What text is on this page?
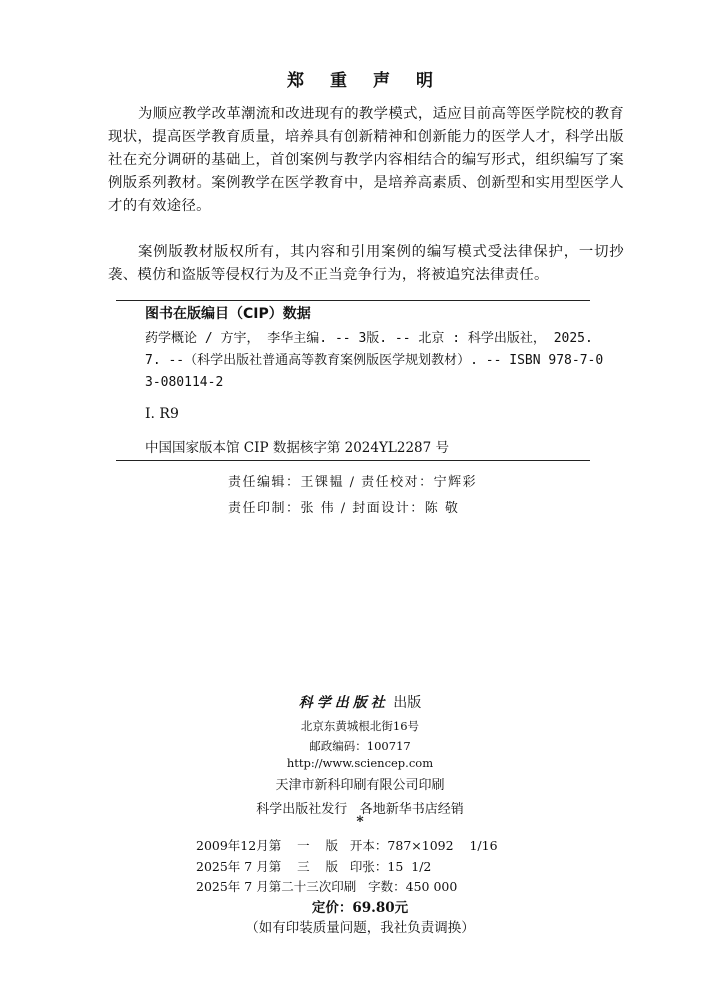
郑重声明

为顺应教学改革潮流和改进现有的教学模式，适应目前高等医学院校的教育现状，提高医学教育质量，培养具有创新精神和创新能力的医学人才，科学出版社在充分调研的基础上，首创案例与教学内容相结合的编写形式，组织编写了案例版系列教材。案例教学在医学教育中，是培养高素质、创新型和实用型医学人才的有效途径。

案例版教材版权所有，其内容和引用案例的编写模式受法律保护，一切抄袭、模仿和盗版等侵权行为及不正当竞争行为，将被追究法律责任。

图书在版编目（CIP）数据
药学概论 / 方宇， 李华主编. -- 3版. -- 北京 : 科学出版社， 2025. 7. --（科学出版社普通高等教育案例版医学规划教材）. -- ISBN 978-7-03-080114-2
Ⅰ. R9
中国国家版本馆 CIP 数据核字第 2024YL2287 号
责任编辑：王锞韫 / 责任校对：宁辉彩
责任印制：张 伟 / 封面设计：陈 敬
科学出版社 出版
北京东黄城根北街16号
邮政编码：100717
http://www.sciencep.com
天津市新科印刷有限公司印刷
科学出版社发行   各地新华书店经销
*
2009年12月第    一    版   开本：787×1092    1/16
2025年 7 月第    三    版   印张：15  1/2
2025年 7 月第二十三次印刷   字数：450 000
定价：69.80元
（如有印装质量问题，我社负责调换）
